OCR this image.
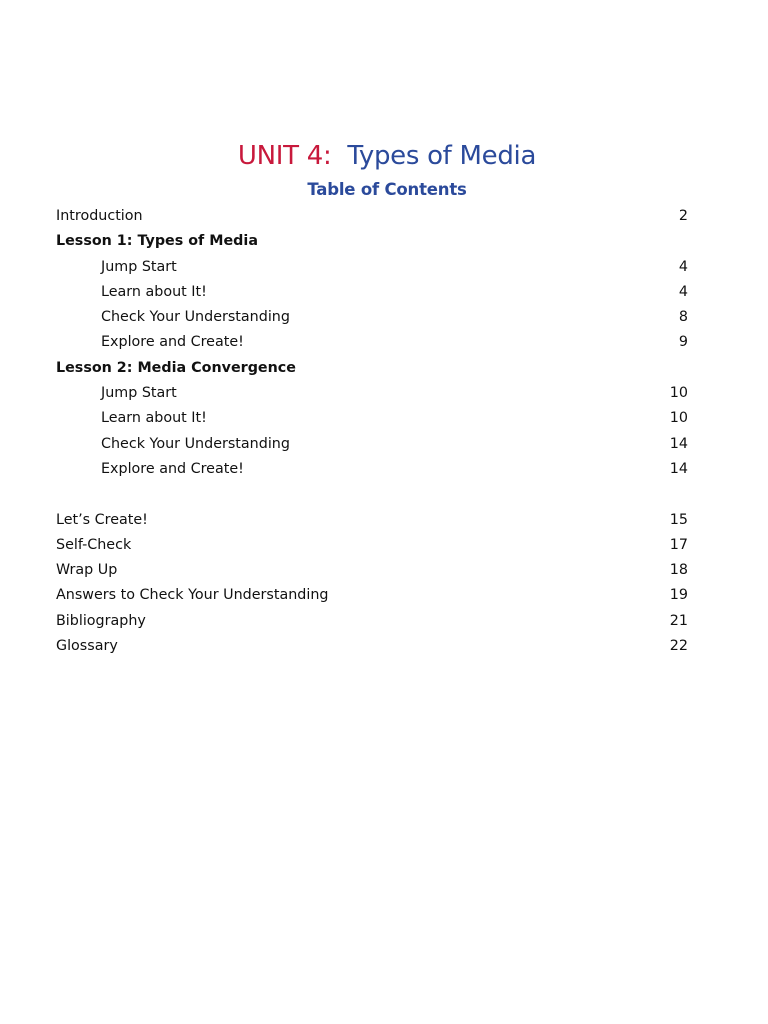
UNIT 4: Types of Media
Table of Contents
Introduction	2
Lesson 1: Types of Media
Jump Start	4
Learn about It!	4
Check Your Understanding	8
Explore and Create!	9
Lesson 2: Media Convergence
Jump Start	10
Learn about It!	10
Check Your Understanding	14
Explore and Create!	14
Let’s Create!	15
Self-Check	17
Wrap Up	18
Answers to Check Your Understanding	19
Bibliography	21
Glossary	22
